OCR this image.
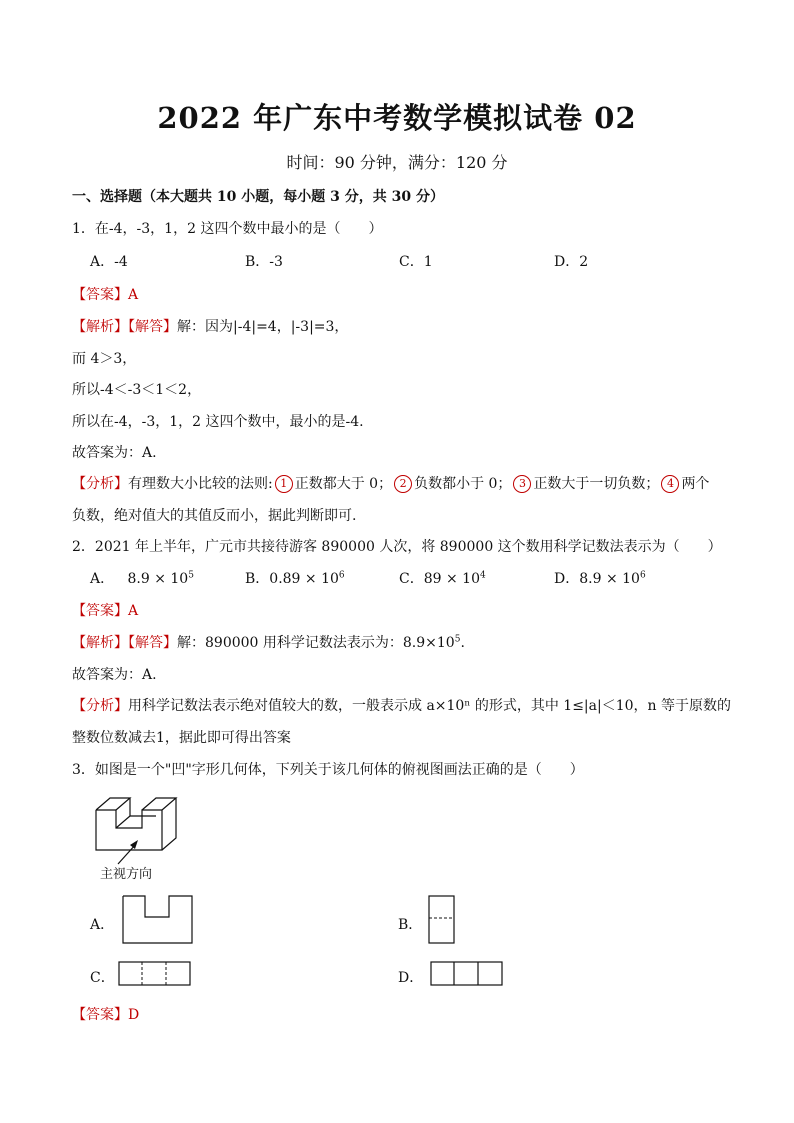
2022 年广东中考数学模拟试卷 02
时间：90 分钟，满分：120 分
一、选择题（本大题共 10 小题，每小题 3 分，共 30 分）
1．在-4，-3，1，2 这四个数中最小的是（　　）
A．-4	B．-3	C．1	D．2
【答案】A
【解析】【解答】解：因为|-4|=4，|-3|=3，
而 4＞3，
所以-4＜-3＜1＜2，
所以在-4，-3，1，2 这四个数中，最小的是-4.
故答案为：A.
【分析】有理数大小比较的法则: 1 正数都大于 0； 2 负数都小于 0； 3 正数大于一切负数； 4 两个
负数，绝对值大的其值反而小，据此判断即可.
2．2021 年上半年，广元市共接待游客 890000 人次，将 890000 这个数用科学记数法表示为（　　）
A． $8.9 \times 10^5$	B．$0.89 \times 10^6$	C．$89 \times 10^4$	D．$8.9 \times 10^6$
【答案】A
【解析】【解答】解：890000 用科学记数法表示为：$8.9\times 10^5$.
故答案为：A.
【分析】用科学记数法表示绝对值较大的数，一般表示成 a×10ⁿ 的形式，其中 1≤|a|＜10，n 等于原数的
整数位数减去1，据此即可得出答案
3．如图是一个"凹"字形几何体，下列关于该几何体的俯视图画法正确的是（　　）
主视方向
A．	B．
C．	D．
【答案】D
